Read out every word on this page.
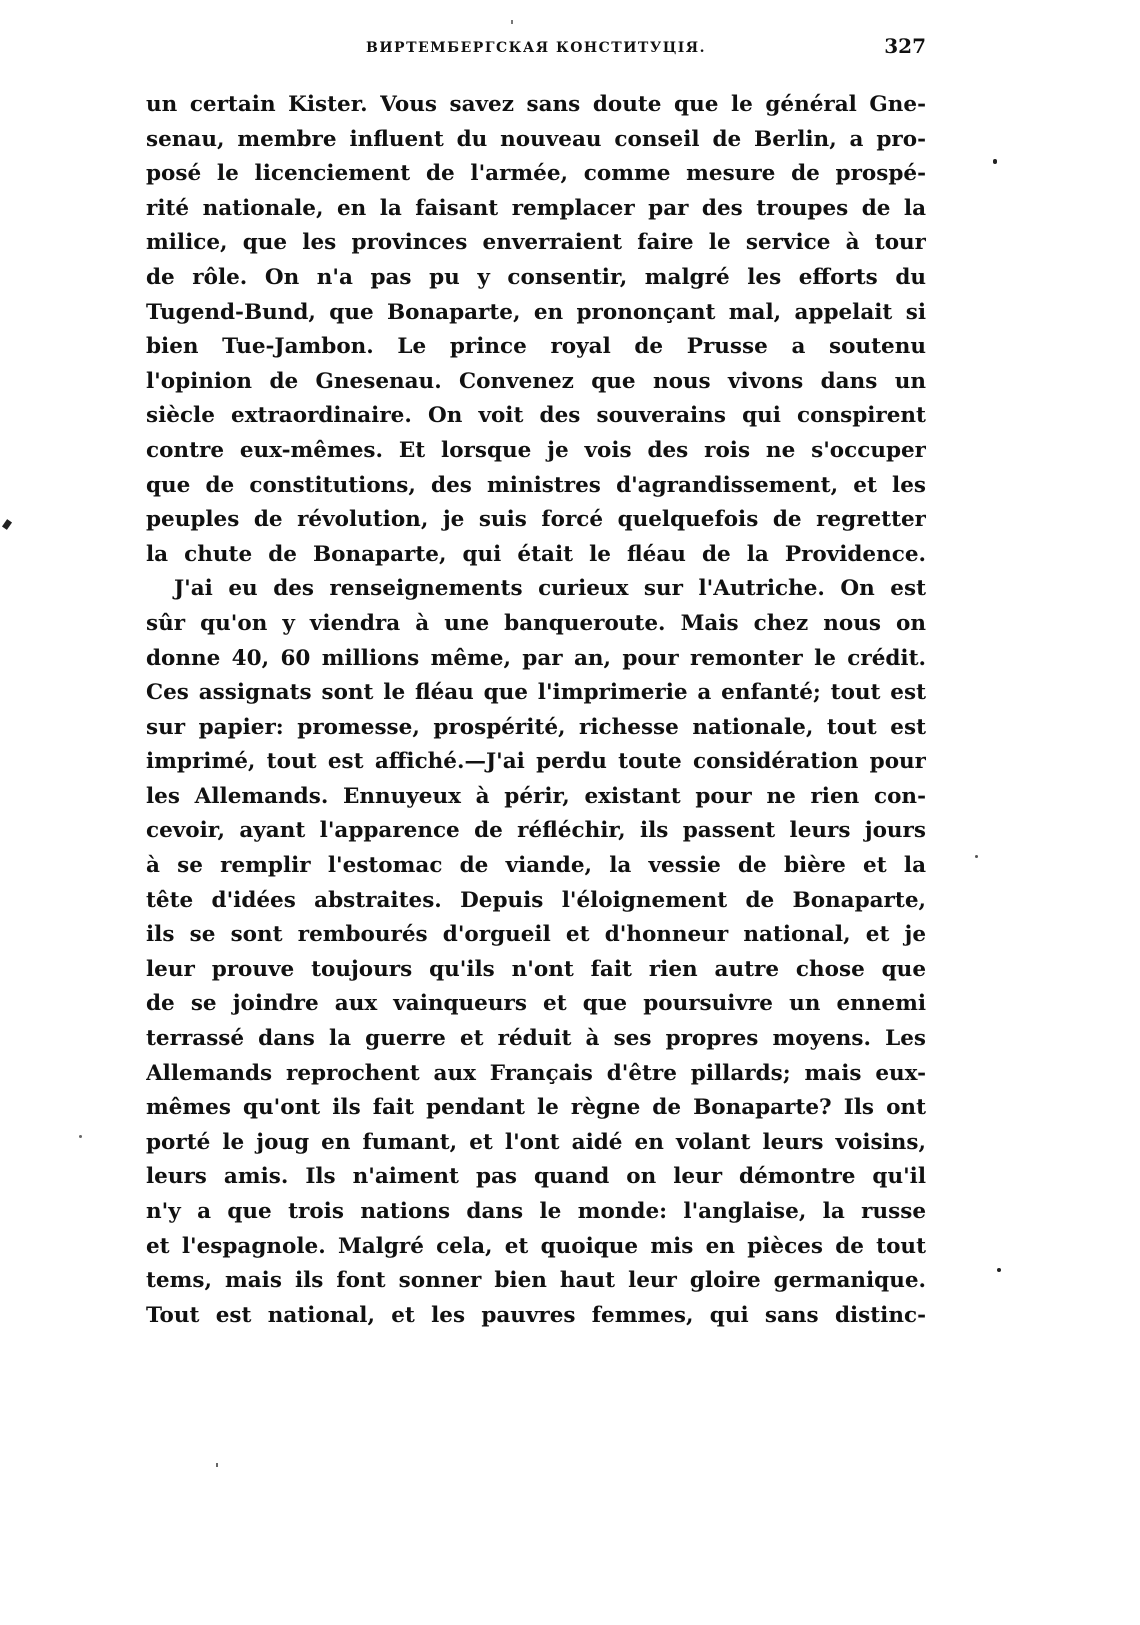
ВИРТЕМБЕРГСКАЯ КОНСТИТУЦІЯ.	327
un certain Kister. Vous savez sans doute que le général Gne-
senau, membre influent du nouveau conseil de Berlin, a pro-
posé le licenciement de l'armée, comme mesure de prospé-
rité nationale, en la faisant remplacer par des troupes de la
milice, que les provinces enverraient faire le service à tour
de rôle. On n'a pas pu y consentir, malgré les efforts du
Tugend-Bund, que Bonaparte, en prononçant mal, appelait si
bien Tue-Jambon. Le prince royal de Prusse a soutenu
l'opinion de Gnesenau. Convenez que nous vivons dans un
siècle extraordinaire. On voit des souverains qui conspirent
contre eux-mêmes. Et lorsque je vois des rois ne s'occuper
que de constitutions, des ministres d'agrandissement, et les
peuples de révolution, je suis forcé quelquefois de regretter
la chute de Bonaparte, qui était le fléau de la Providence.
J'ai eu des renseignements curieux sur l'Autriche. On est
sûr qu'on y viendra à une banqueroute. Mais chez nous on
donne 40, 60 millions même, par an, pour remonter le crédit.
Ces assignats sont le fléau que l'imprimerie a enfanté; tout est
sur papier: promesse, prospérité, richesse nationale, tout est
imprimé, tout est affiché.—J'ai perdu toute considération pour
les Allemands. Ennuyeux à périr, existant pour ne rien con-
cevoir, ayant l'apparence de réfléchir, ils passent leurs jours
à se remplir l'estomac de viande, la vessie de bière et la
tête d'idées abstraites. Depuis l'éloignement de Bonaparte,
ils se sont rembourés d'orgueil et d'honneur national, et je
leur prouve toujours qu'ils n'ont fait rien autre chose que
de se joindre aux vainqueurs et que poursuivre un ennemi
terrassé dans la guerre et réduit à ses propres moyens. Les
Allemands reprochent aux Français d'être pillards; mais eux-
mêmes qu'ont ils fait pendant le règne de Bonaparte? Ils ont
porté le joug en fumant, et l'ont aidé en volant leurs voisins,
leurs amis. Ils n'aiment pas quand on leur démontre qu'il
n'y a que trois nations dans le monde: l'anglaise, la russe
et l'espagnole. Malgré cela, et quoique mis en pièces de tout
tems, mais ils font sonner bien haut leur gloire germanique.
Tout est national, et les pauvres femmes, qui sans distinc-
